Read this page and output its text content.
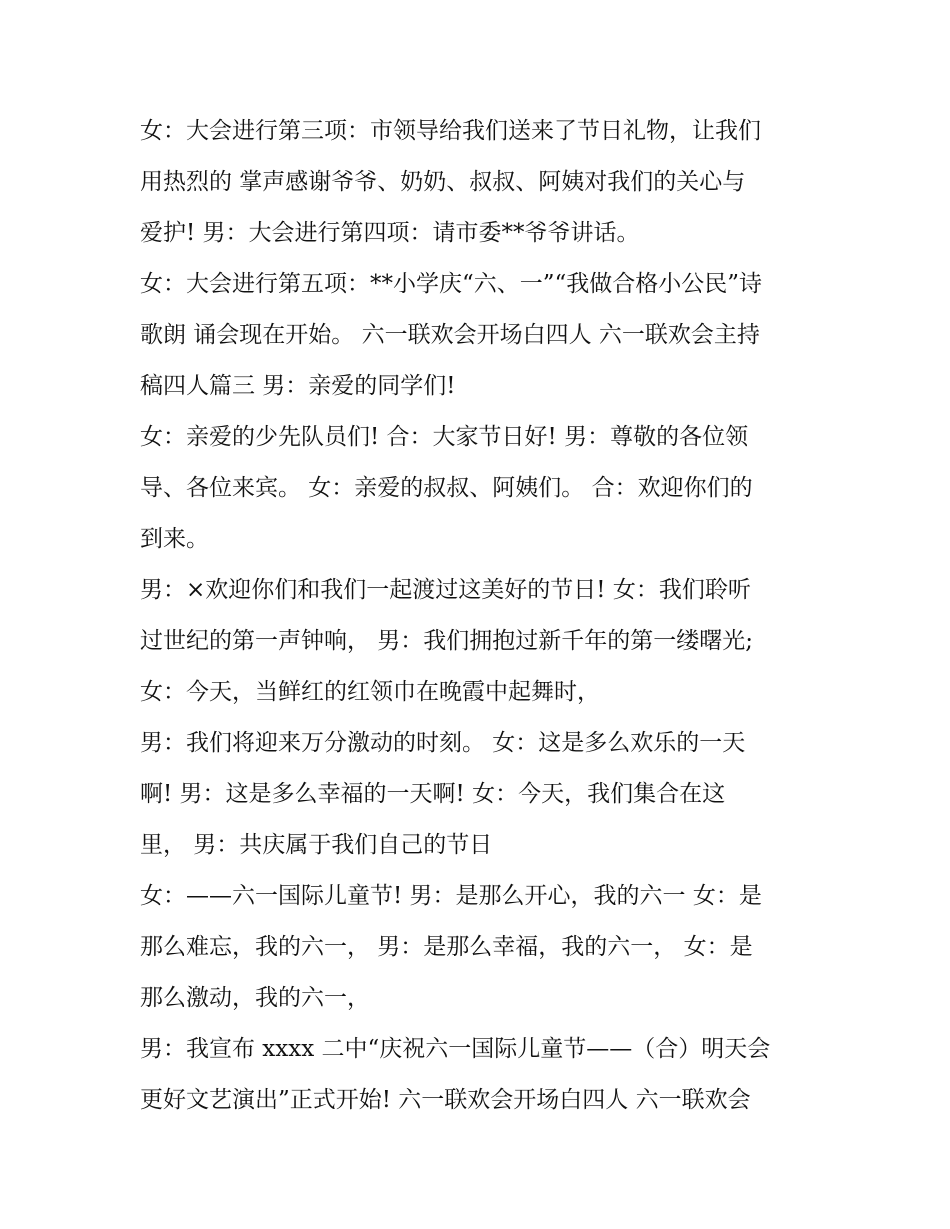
女：大会进行第三项：市领导给我们送来了节日礼物，让我们
用热烈的 掌声感谢爷爷、奶奶、叔叔、阿姨对我们的关心与
爱护! 男：大会进行第四项：请市委**爷爷讲话。
女：大会进行第五项：**小学庆“六、一”“我做合格小公民”诗
歌朗 诵会现在开始。 六一联欢会开场白四人 六一联欢会主持
稿四人篇三 男：亲爱的同学们!
女：亲爱的少先队员们! 合：大家节日好! 男：尊敬的各位领
导、各位来宾。 女：亲爱的叔叔、阿姨们。 合：欢迎你们的
到来。
男：×欢迎你们和我们一起渡过这美好的节日! 女：我们聆听
过世纪的第一声钟响， 男：我们拥抱过新千年的第一缕曙光;
女：今天，当鲜红的红领巾在晚霞中起舞时，
男：我们将迎来万分激动的时刻。 女：这是多么欢乐的一天
啊! 男：这是多么幸福的一天啊! 女：今天，我们集合在这
里， 男：共庆属于我们自己的节日
女：——六一国际儿童节! 男：是那么开心，我的六一 女：是
那么难忘，我的六一， 男：是那么幸福，我的六一， 女：是
那么激动，我的六一，
男：我宣布 xxxx 二中“庆祝六一国际儿童节——（合）明天会
更好文艺演出”正式开始! 六一联欢会开场白四人 六一联欢会
